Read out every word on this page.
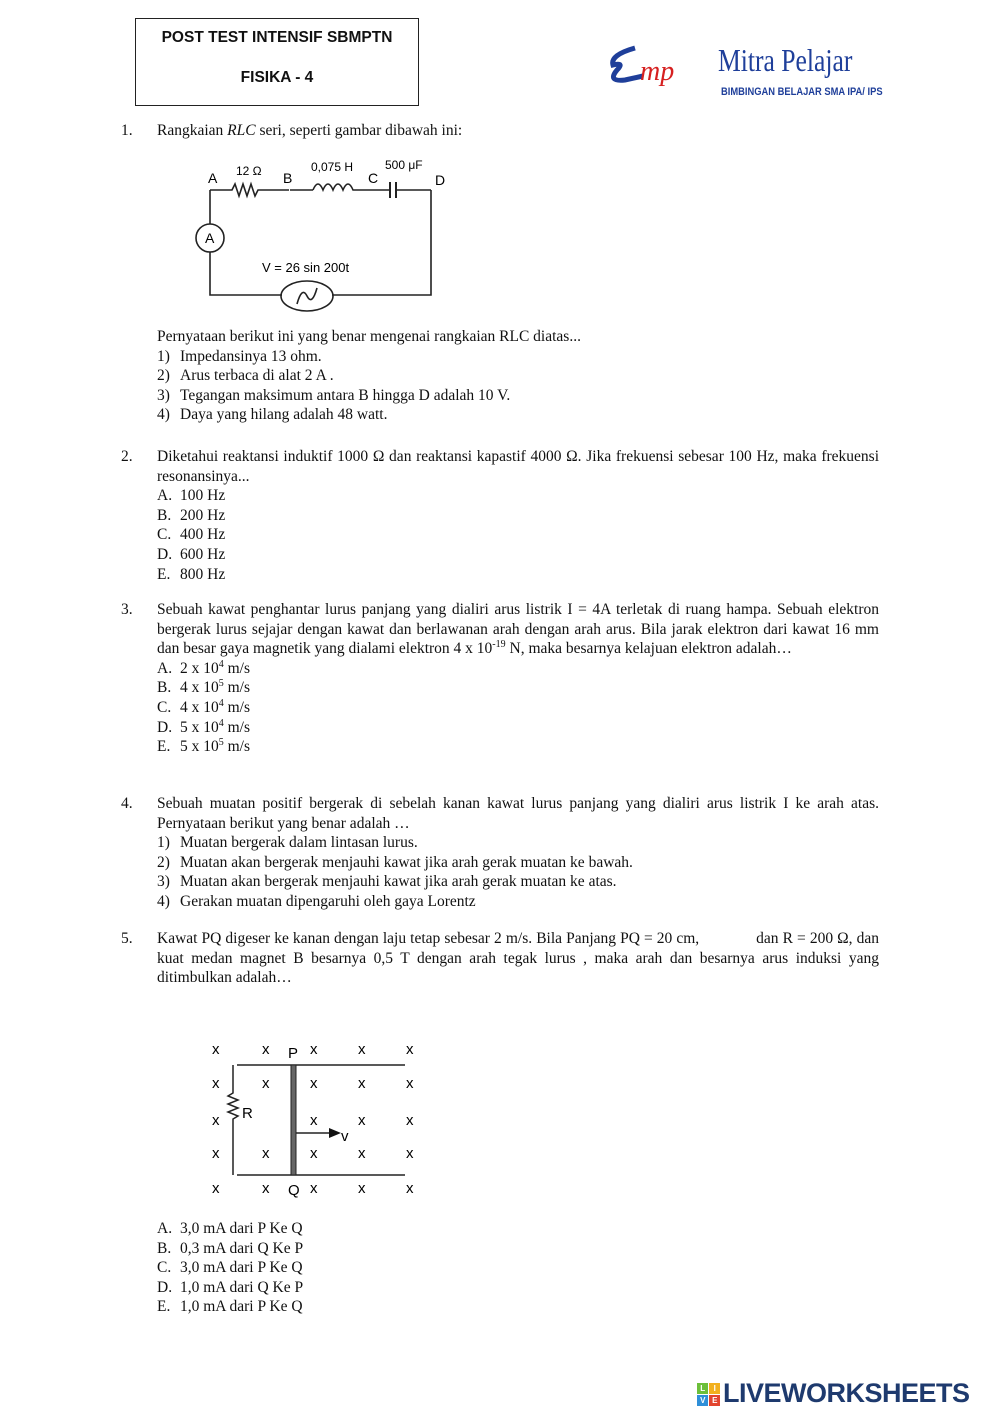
POST TEST INTENSIF SBMPTN
FISIKA - 4	mp Mitra Pelajar
BIMBINGAN BELAJAR SMA IPA/ IPS
1. Rangkaian RLC seri, seperti gambar dibawah ini:
A 12 Ω B
0,075 H
C
500 μF
D
A
V = 26 sin 200t
Pernyataan berikut ini yang benar mengenai rangkaian RLC diatas...
1) Impedansinya 13 ohm.
2) Arus terbaca di alat 2 A .
3) Tegangan maksimum antara B hingga D adalah 10 V.
4) Daya yang hilang adalah 48 watt.
2. Diketahui reaktansi induktif 1000 Ω dan reaktansi kapastif 4000 Ω. Jika frekuensi sebesar 100 Hz, maka frekuensi resonansinya...
A. 100 Hz
B. 200 Hz
C. 400 Hz
D. 600 Hz
E. 800 Hz
3. Sebuah kawat penghantar lurus panjang yang dialiri arus listrik I = 4A terletak di ruang hampa. Sebuah elektron bergerak lurus sejajar dengan kawat dan berlawanan arah dengan arah arus. Bila jarak elektron dari kawat 16 mm dan besar gaya magnetik yang dialami elektron 4 x $10^{-19}$ N, maka besarnya kelajuan elektron adalah…
A. 2 x $10^4$ m/s
B. 4 x $10^5$ m/s
C. 4 x $10^4$ m/s
D. 5 x $10^4$ m/s
E. 5 x $10^5$ m/s
4. Sebuah muatan positif bergerak di sebelah kanan kawat lurus panjang yang dialiri arus listrik I ke arah atas. Pernyataan berikut yang benar adalah …
1) Muatan bergerak dalam lintasan lurus.
2) Muatan akan bergerak menjauhi kawat jika arah gerak muatan ke bawah.
3) Muatan akan bergerak menjauhi kawat jika arah gerak muatan ke atas.
4) Gerakan muatan dipengaruhi oleh gaya Lorentz
5. Kawat PQ digeser ke kanan dengan laju tetap sebesar 2 m/s. Bila Panjang PQ = 20 cm,              dan R = 200 Ω, dan kuat medan magnet B besarnya 0,5 T dengan arah tegak lurus , maka arah dan besarnya arus induksi yang ditimbulkan adalah…
P
Q
R
v
x	x	x	x	x
x	x	x	x	x
x	x	x	x
x	x	x	x	x
x	x	x	x	x
A. 3,0 mA dari P Ke Q
B. 0,3 mA dari Q Ke P
C. 3,0 mA dari P Ke Q
D. 1,0 mA dari Q Ke P
E. 1,0 mA dari P Ke Q
L	I
V E LIVEWORKSHEETS
